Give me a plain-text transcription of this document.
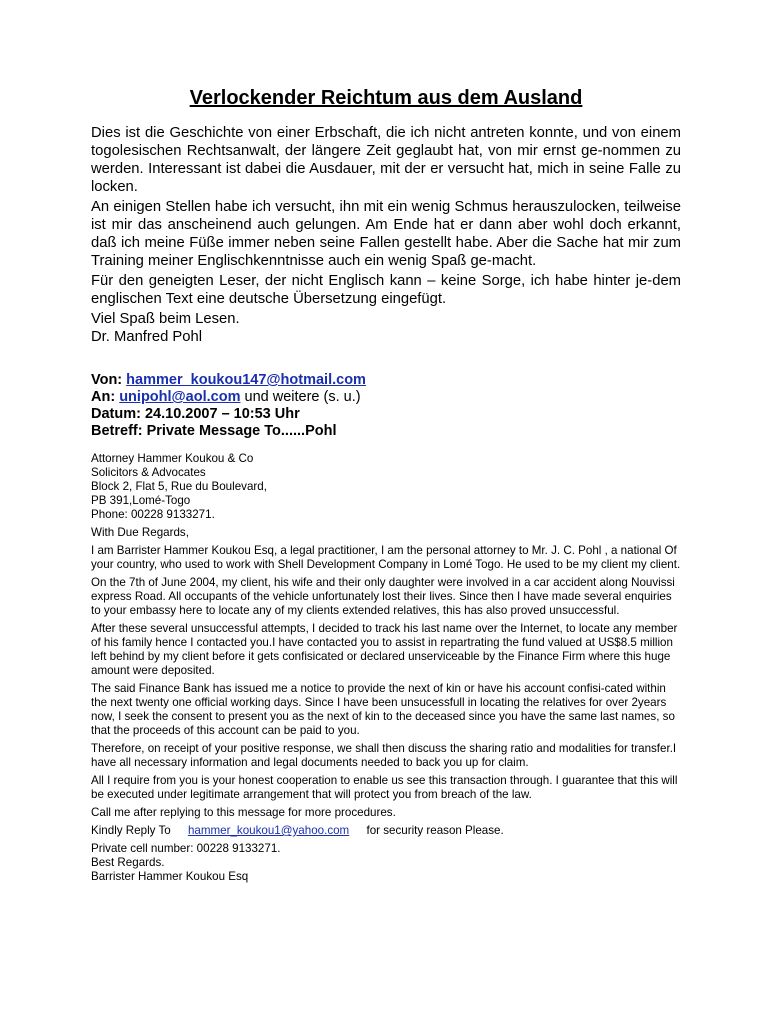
Verlockender Reichtum aus dem Ausland

Dies ist die Geschichte von einer Erbschaft, die ich nicht antreten konnte, und von einem togolesischen Rechtsanwalt, der längere Zeit geglaubt hat, von mir ernst ge-nommen zu werden. Interessant ist dabei die Ausdauer, mit der er versucht hat, mich in seine Falle zu locken.

An einigen Stellen habe ich versucht, ihn mit ein wenig Schmus herauszulocken, teilweise ist mir das anscheinend auch gelungen. Am Ende hat er dann aber wohl doch erkannt, daß ich meine Füße immer neben seine Fallen gestellt habe. Aber die Sache hat mir zum Training meiner Englischkenntnisse auch ein wenig Spaß ge-macht.

Für den geneigten Leser, der nicht Englisch kann – keine Sorge, ich habe hinter je-dem englischen Text eine deutsche Übersetzung eingefügt.

Viel Spaß beim Lesen.

Dr. Manfred Pohl

Von: hammer_koukou147@hotmail.com
An: unipohl@aol.com und weitere (s. u.)
Datum: 24.10.2007 – 10:53 Uhr
Betreff: Private Message To......Pohl

Attorney Hammer Koukou & Co
Solicitors & Advocates
Block 2, Flat 5, Rue du Boulevard,
PB 391,Lomé-Togo
Phone: 00228 9133271.

With Due Regards,

I am Barrister Hammer Koukou Esq, a legal practitioner, I am the personal attorney to Mr. J. C. Pohl , a national Of your country, who used to work with Shell Development Company in Lomé Togo. He used to be my client my client.

On the 7th of June 2004, my client, his wife and their only daughter were involved in a car accident along Nouvissi express Road. All occupants of the vehicle unfortunately lost their lives. Since then I have made several enquiries to your embassy here to locate any of my clients extended relatives, this has also proved unsuccessful.

After these several unsuccessful attempts, I decided to track his last name over the Internet, to locate any member of his family hence I contacted you.I have contacted you to assist in repartrating the fund valued at US$8.5 million left behind by my client before it gets confisicated or declared unserviceable by the Finance Firm where this huge amount were deposited.

The said Finance Bank has issued me a notice to provide the next of kin or have his account confisi-cated within the next twenty one official working days. Since I have been unsucessfull in locating the relatives for over 2years now, I seek the consent to present you as the next of kin to the deceased since you have the same last names, so that the proceeds of this account can be paid to you.

Therefore, on receipt of your positive response, we shall then discuss the sharing ratio and modalities for transfer.I have all necessary information and legal documents needed to back you up for claim.

All I require from you is your honest cooperation to enable us see this transaction through. I guarantee that this will be executed under legitimate arrangement that will protect you from breach of the law.

Call me after replying to this message for more procedures.

Kindly Reply To hammer_koukou1@yahoo.com for security reason Please.

Private cell number: 00228 9133271.
Best Regards.
Barrister Hammer Koukou Esq
